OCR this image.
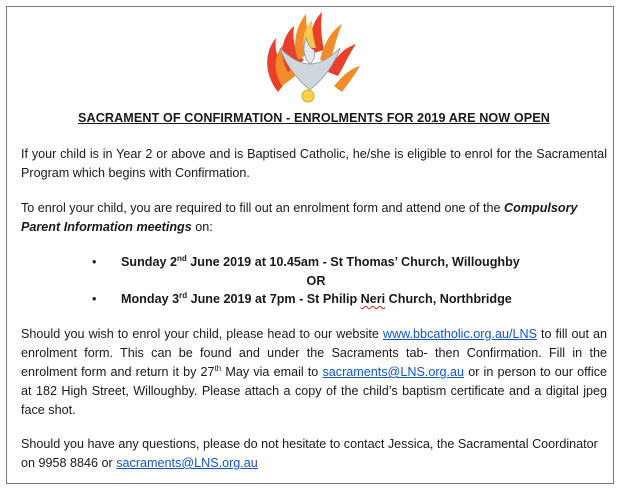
SACRAMENT OF CONFIRMATION - ENROLMENTS FOR 2019 ARE NOW OPEN

If your child is in Year 2 or above and is Baptised Catholic, he/she is eligible to enrol for the Sacramental Program which begins with Confirmation.

To enrol your child, you are required to fill out an enrolment form and attend one of the Compulsory Parent Information meetings on:

• Sunday 2nd June 2019 at 10.45am - St Thomas’ Church, Willoughby
OR
• Monday 3rd June 2019 at 7pm - St Philip Neri Church, Northbridge

Should you wish to enrol your child, please head to our website www.bbcatholic.org.au/LNS to fill out an enrolment form. This can be found and under the Sacraments tab- then Confirmation. Fill in the enrolment form and return it by 27th May via email to sacraments@LNS.org.au or in person to our office at 182 High Street, Willoughby. Please attach a copy of the child’s baptism certificate and a digital jpeg face shot.

Should you have any questions, please do not hesitate to contact Jessica, the Sacramental Coordinator on 9958 8846 or sacraments@LNS.org.au
